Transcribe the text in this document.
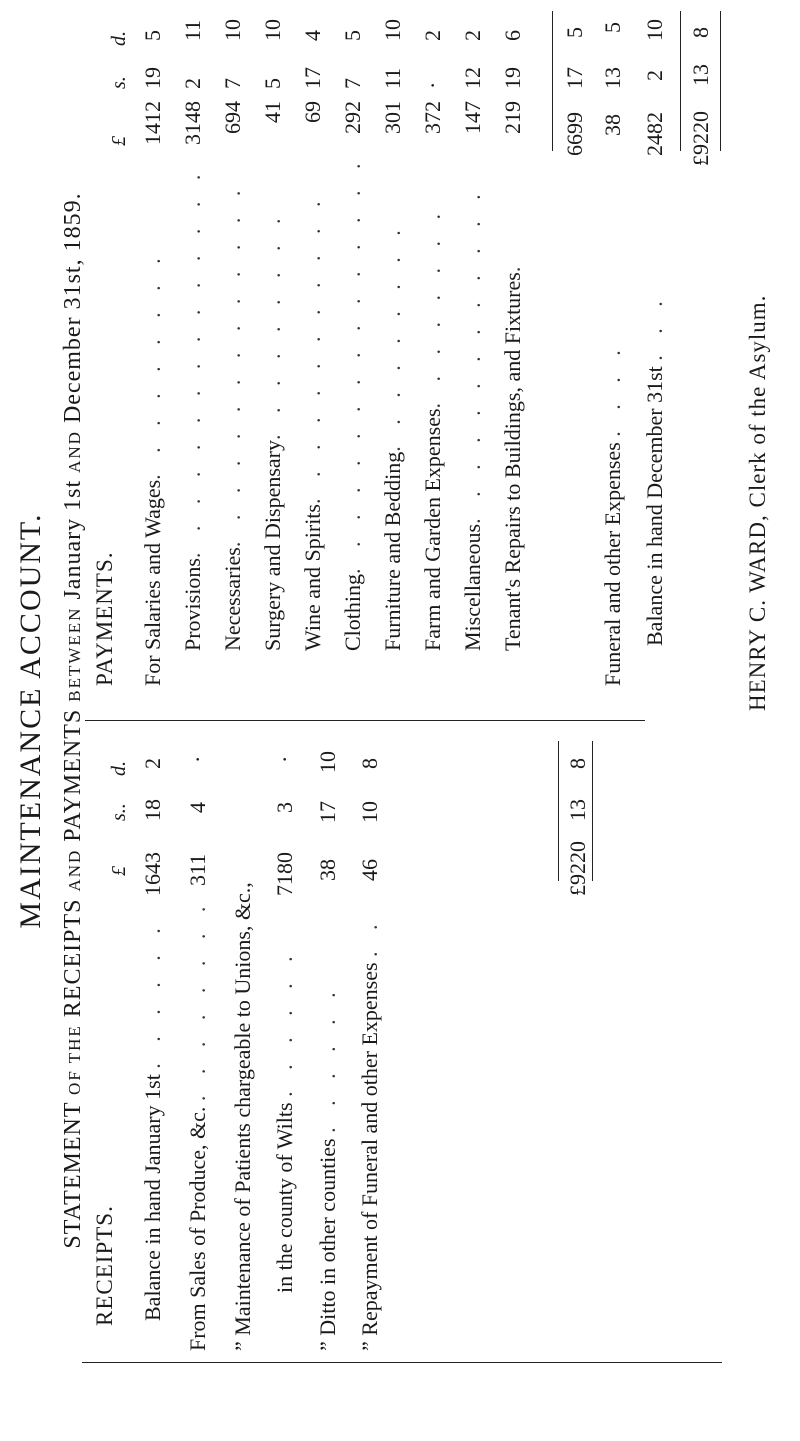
MAINTENANCE ACCOUNT.
STATEMENT OF THE RECEIPTS AND PAYMENTS BETWEEN January 1st AND December 31st, 1859.
RECEIPTS.
£
s..
d.
Balance in hand January 1st . . . . . .
1643
18
2
From Sales of Produce, &c. . . . . . . . .
311
4
·
” Maintenance of Patients chargeable to Unions, &c., in the county of Wilts . . . . . .
7180
3
·
” Ditto in other counties . . . . . .
38
17
10
” Repayment of Funeral and other Expenses . .
46
10
8
£9220
13
8
PAYMENTS.
£
s.
d.
For Salaries and Wages. . . . . . . . .
1412
19
5
Provisions. . . . . . . . . . . . . . .
3148
2
11
Necessaries. . . . . . . . . . . . . .
694
7
10
Surgery and Dispensary. . . . . . . . .
41
5
10
Wine and Spirits. . . . . . . . . . . .
69
17
4
Clothing. . . . . . . . . . . . . . . .
292
7
5
Furniture and Bedding. . . . . . . . .
301
11
10
Farm and Garden Expenses. . . . . . . .
372
·
2
Miscellaneous. . . . . . . . . . . . .
147
12
2
Tenant's Repairs to Buildings, and Fixtures.
219
19
6
6699
17
5
Funeral and other Expenses . . . .
38
13
5
Balance in hand December 31st . . .
2482
2
10
£9220
13
8
HENRY C. WARD, Clerk of the Asylum.
